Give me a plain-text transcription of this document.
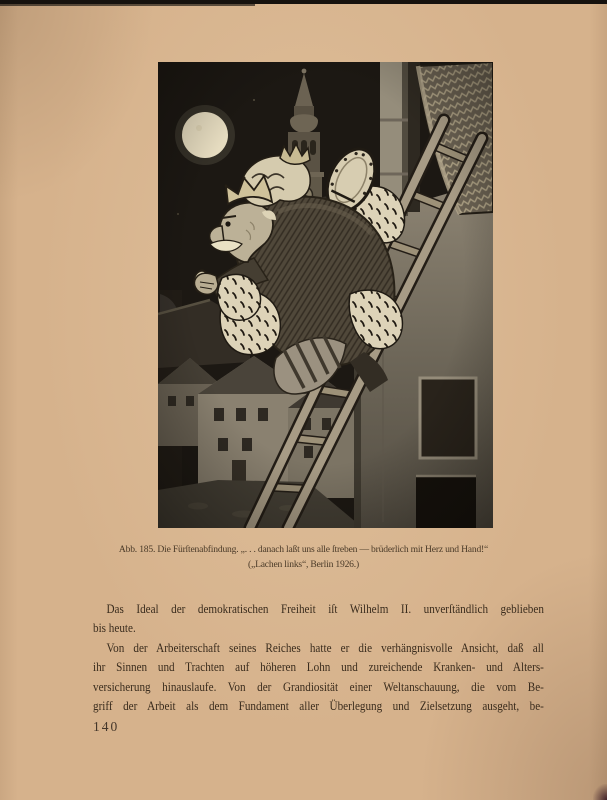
Abb. 185. Die Fürſtenabfindung. „. . . danach laßt uns alle ſtreben — brüderlich mit Herz und Hand!“
(„Lachen links“, Berlin 1926.)
Das Ideal der demokratischen Freiheit iſt Wilhelm II. unverſtändlich geblieben
bis heute.
Von der Arbeiterschaft seines Reiches hatte er die verhängnisvolle Ansicht, daß all
ihr Sinnen und Trachten auf höheren Lohn und zureichende Kranken- und Alters-
versicherung hinauslaufe. Von der Grandiosität einer Weltanschauung, die vom Be-
griff der Arbeit als dem Fundament aller Überlegung und Zielsetzung ausgeht, be-
140
